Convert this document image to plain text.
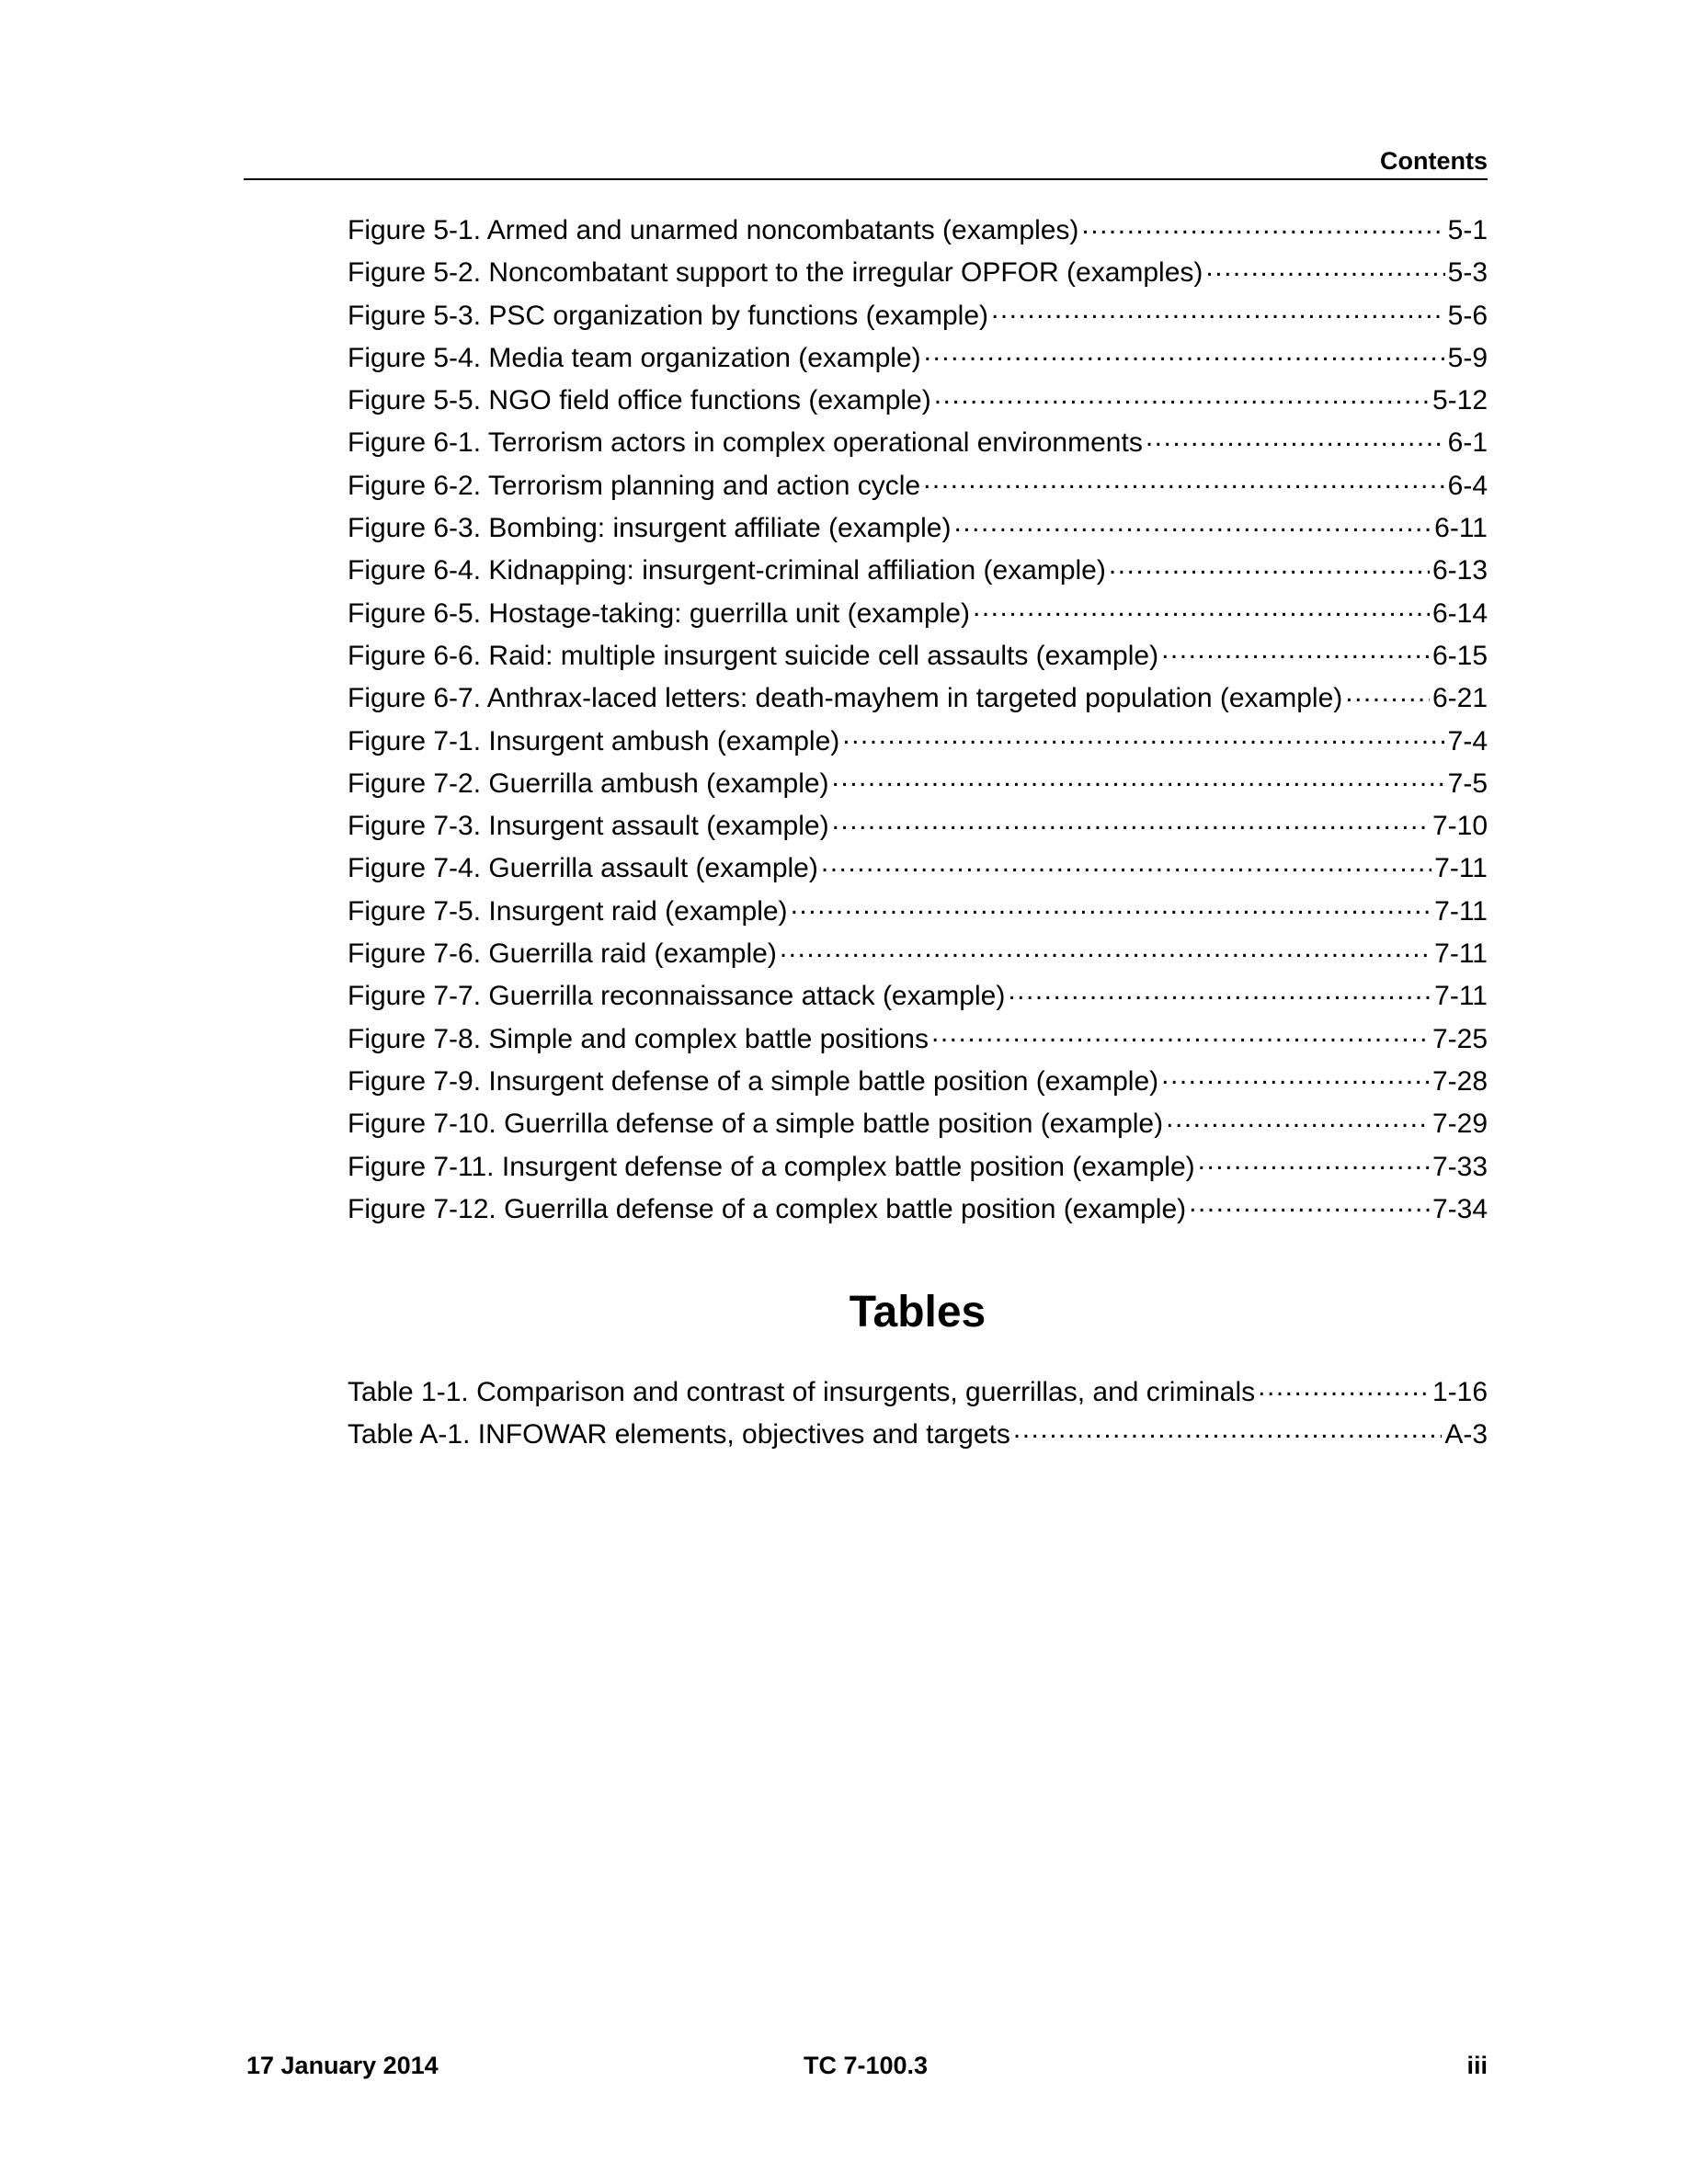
Contents
Figure 5-1. Armed and unarmed noncombatants (examples) .....	5-1
Figure 5-2. Noncombatant support to the irregular OPFOR (examples) .....	5-3
Figure 5-3. PSC organization by functions (example) .....	5-6
Figure 5-4. Media team organization (example) .....	5-9
Figure 5-5. NGO field office functions (example) .....	5-12
Figure 6-1. Terrorism actors in complex operational environments .....	6-1
Figure 6-2. Terrorism planning and action cycle .....	6-4
Figure 6-3. Bombing: insurgent affiliate (example) .....	6-11
Figure 6-4. Kidnapping: insurgent-criminal affiliation (example) .....	6-13
Figure 6-5. Hostage-taking: guerrilla unit (example) .....	6-14
Figure 6-6. Raid: multiple insurgent suicide cell assaults (example) .....	6-15
Figure 6-7. Anthrax-laced letters: death-mayhem in targeted population (example) .....	6-21
Figure 7-1. Insurgent ambush (example) .....	7-4
Figure 7-2. Guerrilla ambush (example) .....	7-5
Figure 7-3. Insurgent assault (example) .....	7-10
Figure 7-4. Guerrilla assault (example) .....	7-11
Figure 7-5. Insurgent raid (example) .....	7-11
Figure 7-6. Guerrilla raid (example) .....	7-11
Figure 7-7. Guerrilla reconnaissance attack (example) .....	7-11
Figure 7-8. Simple and complex battle positions .....	7-25
Figure 7-9. Insurgent defense of a simple battle position (example) .....	7-28
Figure 7-10. Guerrilla defense of a simple battle position (example) .....	7-29
Figure 7-11. Insurgent defense of a complex battle position (example) .....	7-33
Figure 7-12. Guerrilla defense of a complex battle position (example) .....	7-34
Tables
Table 1-1. Comparison and contrast of insurgents, guerrillas, and criminals .....	1-16
Table A-1. INFOWAR elements, objectives and targets .....	A-3
17 January 2014	TC 7-100.3	iii
